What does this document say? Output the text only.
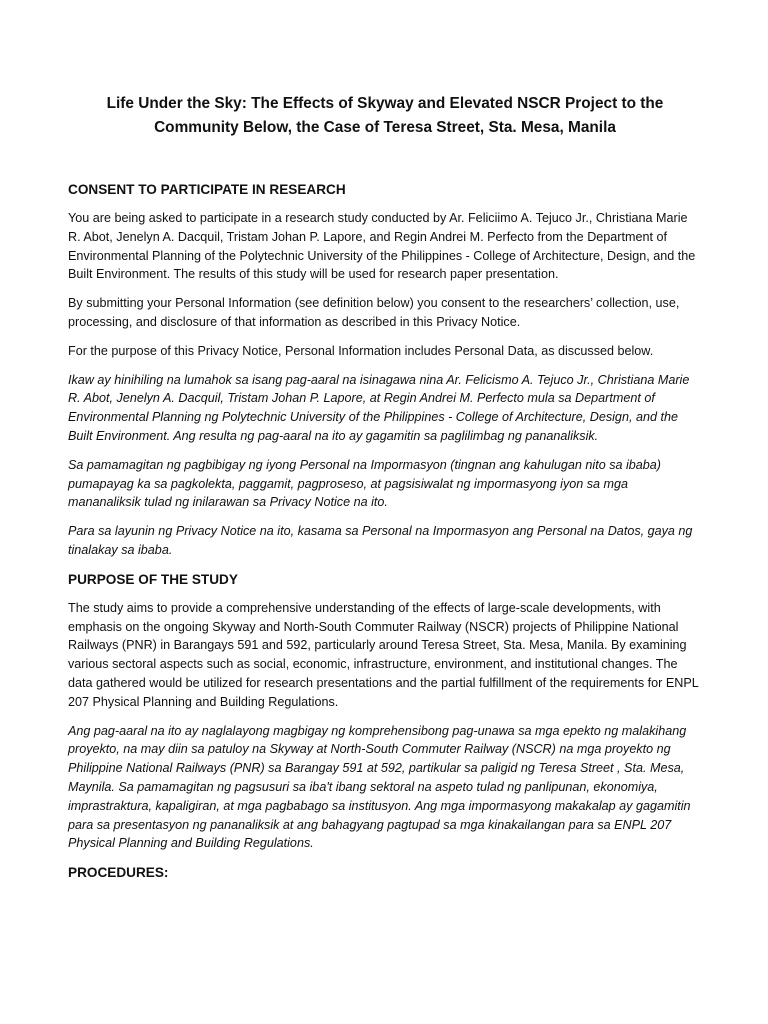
Life Under the Sky: The Effects of Skyway and Elevated NSCR Project to the Community Below, the Case of Teresa Street, Sta. Mesa, Manila
CONSENT TO PARTICIPATE IN RESEARCH

You are being asked to participate in a research study conducted by Ar. Feliciimo A. Tejuco Jr., Christiana Marie R. Abot, Jenelyn A. Dacquil, Tristam Johan P. Lapore, and Regin Andrei M. Perfecto from the Department of Environmental Planning of the Polytechnic University of the Philippines - College of Architecture, Design, and the Built Environment. The results of this study will be used for research paper presentation.

By submitting your Personal Information (see definition below) you consent to the researchers’ collection, use, processing, and disclosure of that information as described in this Privacy Notice.

For the purpose of this Privacy Notice, Personal Information includes Personal Data, as discussed below.

Ikaw ay hinihiling na lumahok sa isang pag-aaral na isinagawa nina Ar. Felicismo A. Tejuco Jr., Christiana Marie R. Abot, Jenelyn A. Dacquil, Tristam Johan P. Lapore, at Regin Andrei M. Perfecto mula sa Department of Environmental Planning ng Polytechnic University of the Philippines - College of Architecture, Design, and the Built Environment. Ang resulta ng pag-aaral na ito ay gagamitin sa paglilimbag ng pananaliksik.

Sa pamamagitan ng pagbibigay ng iyong Personal na Impormasyon (tingnan ang kahulugan nito sa ibaba) pumapayag ka sa pagkolekta, paggamit, pagproseso, at pagsisiwalat ng impormasyong iyon sa mga mananaliksik tulad ng inilarawan sa Privacy Notice na ito.

Para sa layunin ng Privacy Notice na ito, kasama sa Personal na Impormasyon ang Personal na Datos, gaya ng tinalakay sa ibaba.

PURPOSE OF THE STUDY

The study aims to provide a comprehensive understanding of the effects of large-scale developments, with emphasis on the ongoing Skyway and North-South Commuter Railway (NSCR) projects of Philippine National Railways (PNR) in Barangays 591 and 592, particularly around Teresa Street, Sta. Mesa, Manila. By examining various sectoral aspects such as social, economic, infrastructure, environment, and institutional changes. The data gathered would be utilized for research presentations and the partial fulfillment of the requirements for ENPL 207 Physical Planning and Building Regulations.

Ang pag-aaral na ito ay naglalayong magbigay ng komprehensibong pag-unawa sa mga epekto ng malakihang proyekto, na may diin sa patuloy na Skyway at North-South Commuter Railway (NSCR) na mga proyekto ng Philippine National Railways (PNR) sa Barangay 591 at 592, partikular sa paligid ng Teresa Street , Sta. Mesa, Maynila. Sa pamamagitan ng pagsusuri sa iba't ibang sektoral na aspeto tulad ng panlipunan, ekonomiya, imprastraktura, kapaligiran, at mga pagbabago sa institusyon. Ang mga impormasyong makakalap ay gagamitin para sa presentasyon ng pananaliksik at ang bahagyang pagtupad sa mga kinakailangan para sa ENPL 207 Physical Planning and Building Regulations.

PROCEDURES:
